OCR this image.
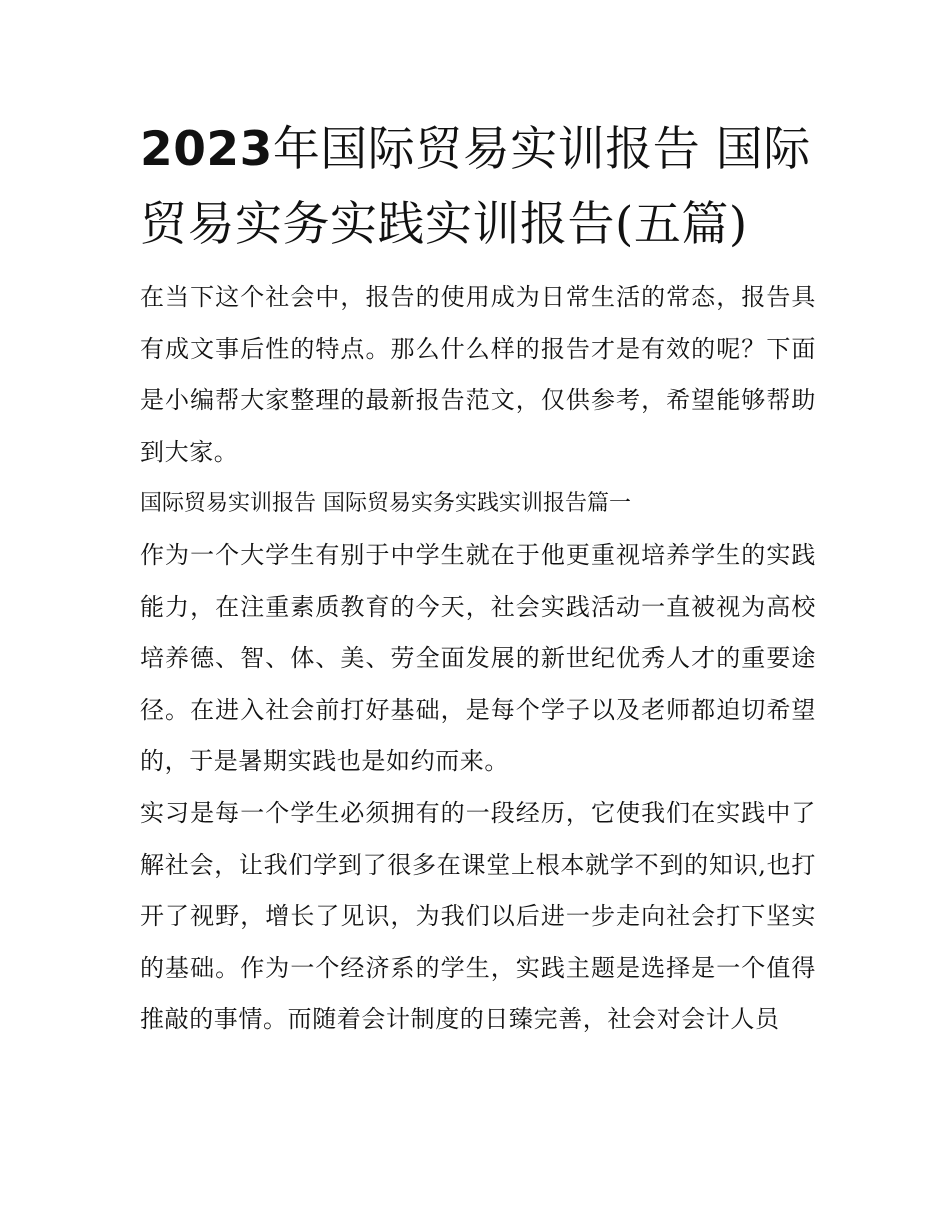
2023年国际贸易实训报告 国际贸易实务实践实训报告(五篇)

在当下这个社会中，报告的使用成为日常生活的常态，报告具有成文事后性的特点。那么什么样的报告才是有效的呢？下面是小编帮大家整理的最新报告范文，仅供参考，希望能够帮助到大家。

国际贸易实训报告 国际贸易实务实践实训报告篇一

作为一个大学生有别于中学生就在于他更重视培养学生的实践能力，在注重素质教育的今天，社会实践活动一直被视为高校培养德、智、体、美、劳全面发展的新世纪优秀人才的重要途径。在进入社会前打好基础，是每个学子以及老师都迫切希望的，于是暑期实践也是如约而来。

实习是每一个学生必须拥有的一段经历，它使我们在实践中了解社会，让我们学到了很多在课堂上根本就学不到的知识,也打开了视野，增长了见识，为我们以后进一步走向社会打下坚实的基础。作为一个经济系的学生，实践主题是选择是一个值得推敲的事情。而随着会计制度的日臻完善，社会对会计人员
